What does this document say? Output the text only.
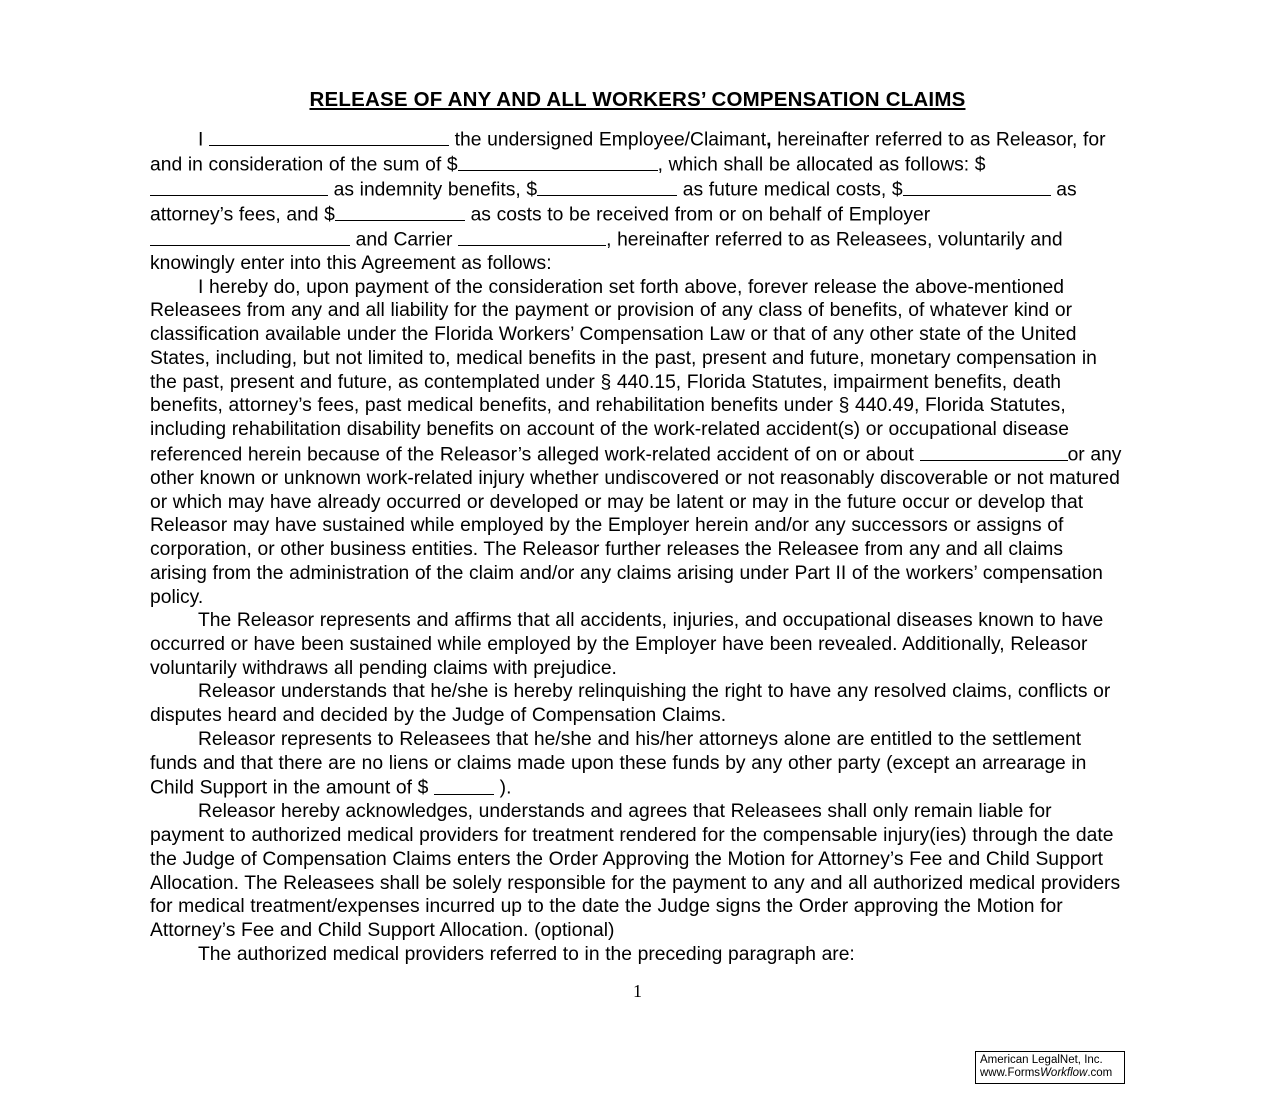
RELEASE OF ANY AND ALL WORKERS’ COMPENSATION CLAIMS

I	the undersigned Employee/Claimant, hereinafter referred to as Releasor, for and in consideration of the sum of $	, which shall be allocated as follows: $ as indemnity benefits, $	as future medical costs, $	as attorney’s fees, and $	as costs to be received from or on behalf of Employer  and Carrier	, hereinafter referred to as Releasees, voluntarily and knowingly enter into this Agreement as follows:

I hereby do, upon payment of the consideration set forth above, forever release the above-mentioned Releasees from any and all liability for the payment or provision of any class of benefits, of whatever kind or classification available under the Florida Workers’ Compensation Law or that of any other state of the United States, including, but not limited to, medical benefits in the past, present and future, monetary compensation in the past, present and future, as contemplated under § 440.15, Florida Statutes, impairment benefits, death benefits, attorney’s fees, past medical benefits, and rehabilitation benefits under § 440.49, Florida Statutes, including rehabilitation disability benefits on account of the work-related accident(s) or occupational disease referenced herein because of the Releasor’s alleged work-related accident of on or about	or any other known or unknown work-related injury whether undiscovered or not reasonably discoverable or not matured or which may have already occurred or developed or may be latent or may in the future occur or develop that Releasor may have sustained while employed by the Employer herein and/or any successors or assigns of corporation, or other business entities. The Releasor further releases the Releasee from any and all claims arising from the administration of the claim and/or any claims arising under Part II of the workers’ compensation policy.

The Releasor represents and affirms that all accidents, injuries, and occupational diseases known to have occurred or have been sustained while employed by the Employer have been revealed. Additionally, Releasor voluntarily withdraws all pending claims with prejudice.

Releasor understands that he/she is hereby relinquishing the right to have any resolved claims, conflicts or disputes heard and decided by the Judge of Compensation Claims.

Releasor represents to Releasees that he/she and his/her attorneys alone are entitled to the settlement funds and that there are no liens or claims made upon these funds by any other party (except an arrearage in Child Support in the amount of $	).

Releasor hereby acknowledges, understands and agrees that Releasees shall only remain liable for payment to authorized medical providers for treatment rendered for the compensable injury(ies) through the date the Judge of Compensation Claims enters the Order Approving the Motion for Attorney’s Fee and Child Support Allocation. The Releasees shall be solely responsible for the payment to any and all authorized medical providers for medical treatment/expenses incurred up to the date the Judge signs the Order approving the Motion for Attorney’s Fee and Child Support Allocation. (optional)

The authorized medical providers referred to in the preceding paragraph are:

1
American LegalNet, Inc.
www.FormsWorkflow.com
